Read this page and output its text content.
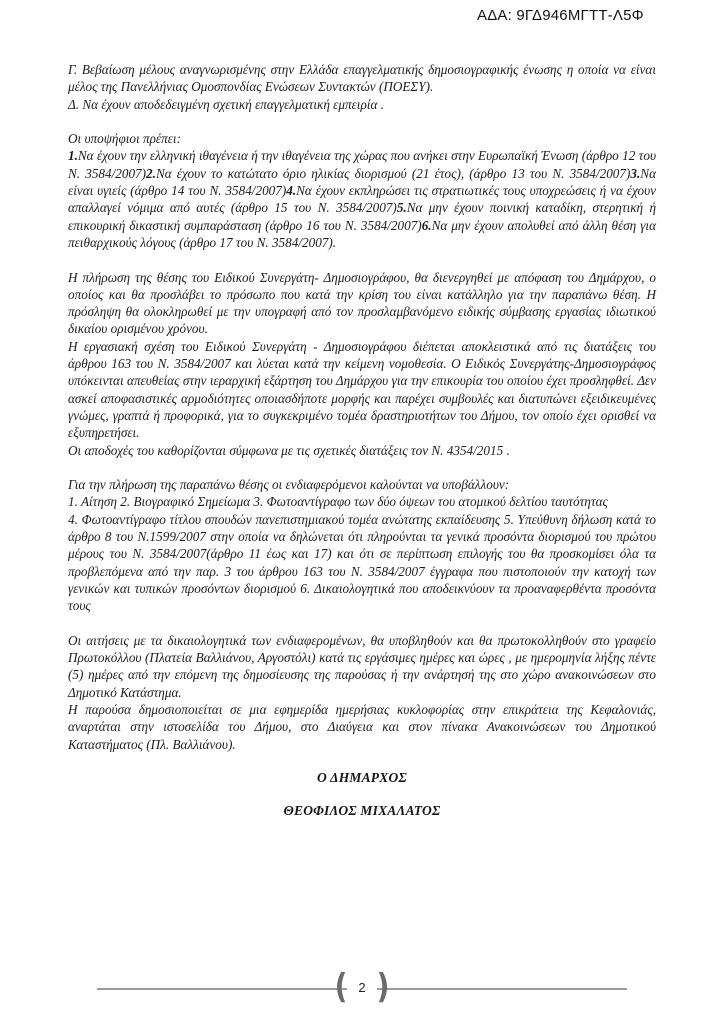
ΑΔΑ: 9ΓΔ946ΜΓΤΤ-Λ5Φ

Γ. Βεβαίωση μέλους αναγνωρισμένης στην Ελλάδα επαγγελματικής δημοσιογραφικής ένωσης η οποία να είναι μέλος της Πανελλήνιας Ομοσπονδίας Ενώσεων Συντακτών (ΠΟΕΣΥ).

Δ. Να έχουν αποδεδειγμένη σχετική επαγγελματική εμπειρία .

Οι υποψήφιοι πρέπει:

1.Να έχουν την ελληνική ιθαγένεια ή την ιθαγένεια της χώρας που ανήκει στην Ευρωπαϊκή Ένωση (άρθρο 12 του Ν. 3584/2007)2.Να έχουν το κατώτατο όριο ηλικίας διορισμού (21 έτος), (άρθρο 13 του Ν. 3584/2007)3.Να είναι υγιείς (άρθρο 14 του Ν. 3584/2007)4.Να έχουν εκπληρώσει τις στρατιωτικές τους υποχρεώσεις ή να έχουν απαλλαγεί νόμιμα από αυτές (άρθρο 15 του Ν. 3584/2007)5.Να μην έχουν ποινική καταδίκη, στερητική ή επικουρική δικαστική συμπαράσταση (άρθρο 16 του Ν. 3584/2007)6.Να μην έχουν απολυθεί από άλλη θέση για πειθαρχικούς λόγους (άρθρο 17 του Ν. 3584/2007).

Η πλήρωση της θέσης του Ειδικού Συνεργάτη- Δημοσιογράφου, θα διενεργηθεί με απόφαση του Δημάρχου, ο οποίος και θα προσλάβει το πρόσωπο που κατά την κρίση του είναι κατάλληλο για την παραπάνω θέση. Η πρόσληψη θα ολοκληρωθεί με την υπογραφή από τον προσλαμβανόμενο ειδικής σύμβασης εργασίας ιδιωτικού δικαίου ορισμένου χρόνου.

Η εργασιακή σχέση του Ειδικού Συνεργάτη - Δημοσιογράφου διέπεται αποκλειστικά από τις διατάξεις του άρθρου 163 του Ν. 3584/2007 και λύεται κατά την κείμενη νομοθεσία. Ο Ειδικός Συνεργάτης-Δημοσιογράφος υπόκεινται απευθείας στην ιεραρχική εξάρτηση του Δημάρχου για την επικουρία του οποίου έχει προσληφθεί. Δεν ασκεί αποφασιστικές αρμοδιότητες οποιασδήποτε μορφής και παρέχει συμβουλές και διατυπώνει εξειδικευμένες γνώμες, γραπτά ή προφορικά, για το συγκεκριμένο τομέα δραστηριοτήτων του Δήμου, τον οποίο έχει ορισθεί να εξυπηρετήσει.

Οι αποδοχές του καθορίζονται σύμφωνα με τις σχετικές διατάξεις τον Ν. 4354/2015 .

Για την πλήρωση της παραπάνω θέσης οι ενδιαφερόμενοι καλούνται να υποβάλλουν:

1. Αίτηση 2. Βιογραφικό Σημείωμα 3. Φωτοαντίγραφο των δύο όψεων του ατομικού δελτίου ταυτότητας

4. Φωτοαντίγραφο τίτλου σπουδών πανεπιστημιακού τομέα ανώτατης εκπαίδευσης 5. Υπεύθυνη δήλωση κατά το άρθρο 8 του Ν.1599/2007 στην οποία να δηλώνεται ότι πληρούνται τα γενικά προσόντα διορισμού του πρώτου μέρους του Ν. 3584/2007(άρθρο 11 έως και 17) και ότι σε περίπτωση επιλογής του θα προσκομίσει όλα τα προβλεπόμενα από την παρ. 3 του άρθρου 163 του Ν. 3584/2007 έγγραφα που πιστοποιούν την κατοχή των γενικών και τυπικών προσόντων διορισμού 6. Δικαιολογητικά που αποδεικνύουν τα προαναφερθέντα προσόντα τους

Οι αιτήσεις με τα δικαιολογητικά των ενδιαφερομένων, θα υποβληθούν και θα πρωτοκολληθούν στο γραφείο Πρωτοκόλλου (Πλατεία Βαλλιάνου, Αργοστόλι) κατά τις εργάσιμες ημέρες και ώρες , με ημερομηνία λήξης πέντε (5) ημέρες από την επόμενη της δημοσίευσης της παρούσας ή την ανάρτησή της στο χώρο ανακοινώσεων στο Δημοτικό Κατάστημα.

Η παρούσα δημοσιοποιείται σε μια εφημερίδα ημερήσιας κυκλοφορίας στην επικράτεια της Κεφαλονιάς, αναρτάται στην ιστοσελίδα του Δήμου, στο Διαύγεια και στον πίνακα Ανακοινώσεων του Δημοτικού Καταστήματος (Πλ. Βαλλιάνου).

Ο ΔΗΜΑΡΧΟΣ
ΘΕΟΦΙΛΟΣ ΜΙΧΑΛΑΤΟΣ
( 2 )
